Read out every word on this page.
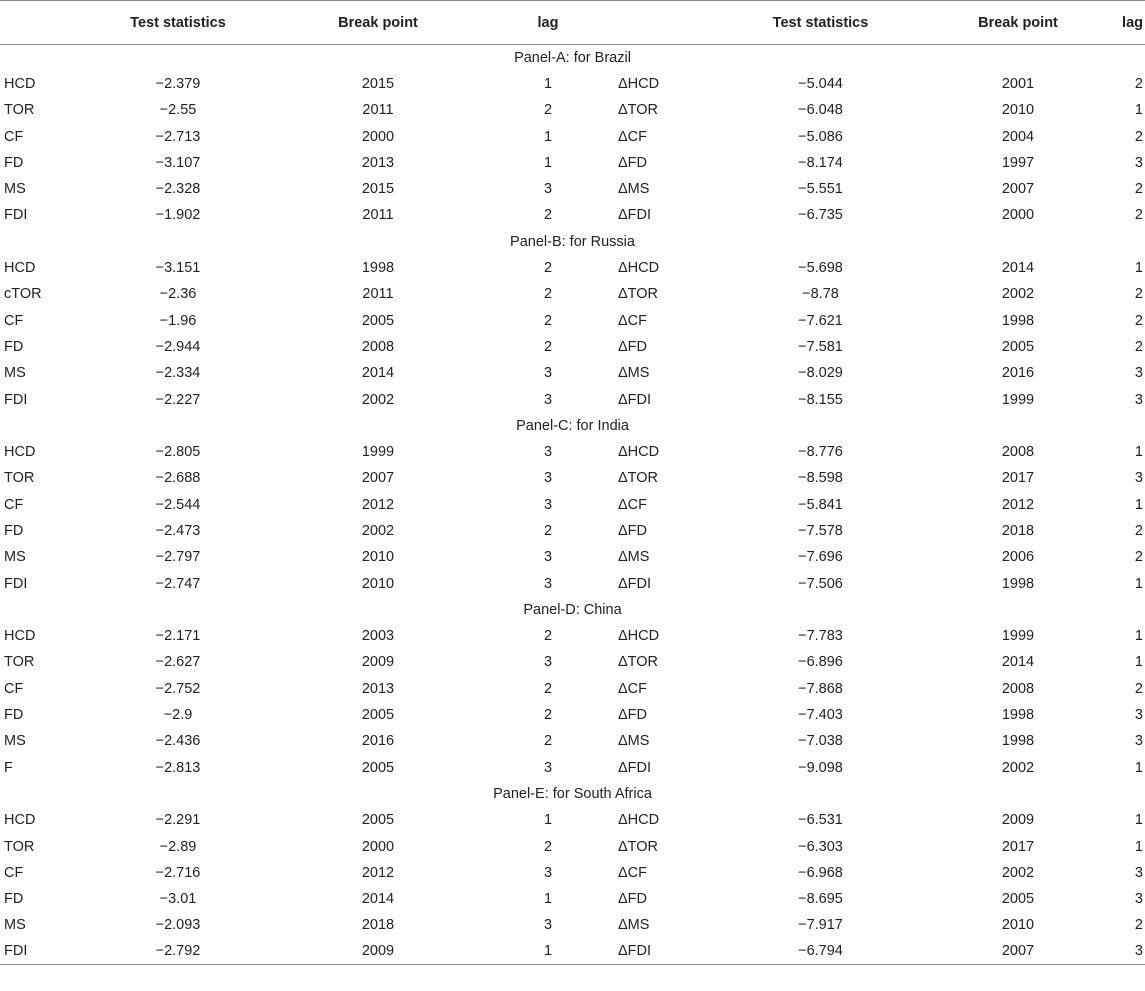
	Test statistics	Break point	lag		Test statistics	Break point	lag
Panel-A: for Brazil							
HCD	−2.379	2015	1	ΔHCD	−5.044	2001	2
TOR	−2.55	2011	2	ΔTOR	−6.048	2010	1
CF	−2.713	2000	1	ΔCF	−5.086	2004	2
FD	−3.107	2013	1	ΔFD	−8.174	1997	3
MS	−2.328	2015	3	ΔMS	−5.551	2007	2
FDI	−1.902	2011	2	ΔFDI	−6.735	2000	2
Panel-B: for Russia							
HCD	−3.151	1998	2	ΔHCD	−5.698	2014	1
cTOR	−2.36	2011	2	ΔTOR	−8.78	2002	2
CF	−1.96	2005	2	ΔCF	−7.621	1998	2
FD	−2.944	2008	2	ΔFD	−7.581	2005	2
MS	−2.334	2014	3	ΔMS	−8.029	2016	3
FDI	−2.227	2002	3	ΔFDI	−8.155	1999	3
Panel-C: for India							
HCD	−2.805	1999	3	ΔHCD	−8.776	2008	1
TOR	−2.688	2007	3	ΔTOR	−8.598	2017	3
CF	−2.544	2012	3	ΔCF	−5.841	2012	1
FD	−2.473	2002	2	ΔFD	−7.578	2018	2
MS	−2.797	2010	3	ΔMS	−7.696	2006	2
FDI	−2.747	2010	3	ΔFDI	−7.506	1998	1
Panel-D: China							
HCD	−2.171	2003	2	ΔHCD	−7.783	1999	1
TOR	−2.627	2009	3	ΔTOR	−6.896	2014	1
CF	−2.752	2013	2	ΔCF	−7.868	2008	2
FD	−2.9	2005	2	ΔFD	−7.403	1998	3
MS	−2.436	2016	2	ΔMS	−7.038	1998	3
F	−2.813	2005	3	ΔFDI	−9.098	2002	1
Panel-E: for South Africa							
HCD	−2.291	2005	1	ΔHCD	−6.531	2009	1
TOR	−2.89	2000	2	ΔTOR	−6.303	2017	1
CF	−2.716	2012	3	ΔCF	−6.968	2002	3
FD	−3.01	2014	1	ΔFD	−8.695	2005	3
MS	−2.093	2018	3	ΔMS	−7.917	2010	2
FDI	−2.792	2009	1	ΔFDI	−6.794	2007	3
